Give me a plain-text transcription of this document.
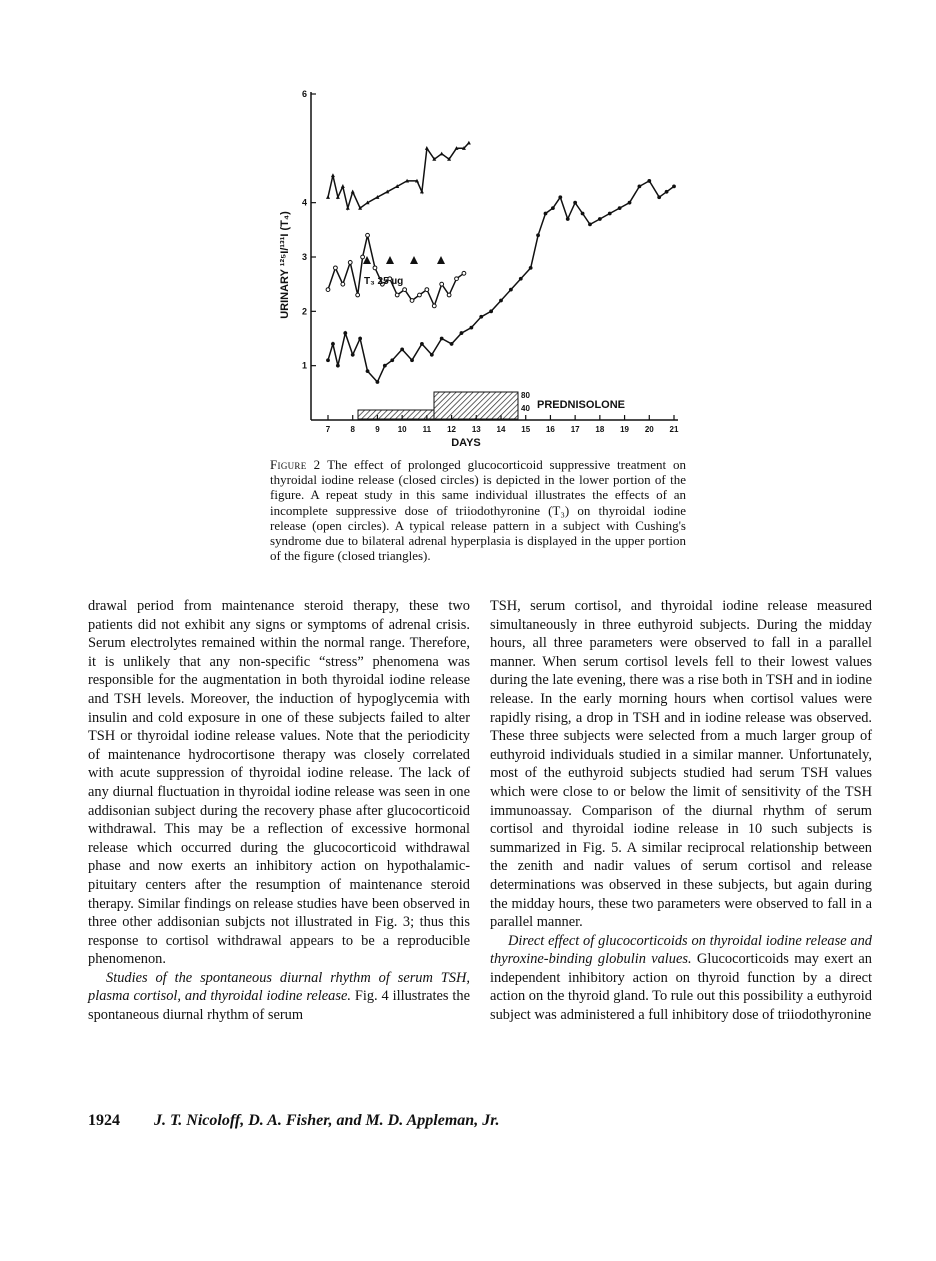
URINARY ¹²⁵I/¹³¹I (T₄)
1
2
3
4
6
7	8	9 10 11 12 13 14 15 16 17 18 19 20 21
DAYS
T₃ 25 µg
80
40 PREDNISOLONE
Figure 2 The effect of prolonged glucocorticoid suppressive treatment on thyroidal iodine release (closed circles) is depicted in the lower portion of the figure. A repeat study in this same individual illustrates the effects of an incomplete suppressive dose of triiodothyronine (T₃) on thyroidal iodine release (open circles). A typical release pattern in a subject with Cushing's syndrome due to bilateral adrenal hyperplasia is displayed in the upper portion of the figure (closed triangles).

drawal period from maintenance steroid therapy, these two patients did not exhibit any signs or symptoms of adrenal crisis. Serum electrolytes remained within the normal range. Therefore, it is unlikely that any non-specific “stress” phenomena was responsible for the augmentation in both thyroidal iodine release and TSH levels. Moreover, the induction of hypoglycemia with insulin and cold exposure in one of these subjects failed to alter TSH or thyroidal iodine release values. Note that the periodicity of maintenance hydrocortisone therapy was closely correlated with acute suppression of thyroidal iodine release. The lack of any diurnal fluctuation in thyroidal iodine release was seen in one addisonian subject during the recovery phase after glucocorticoid withdrawal. This may be a reflection of excessive hormonal release which occurred during the glucocorticoid withdrawal phase and now exerts an inhibitory action on hypothalamic-pituitary centers after the resumption of maintenance steroid therapy. Similar findings on release studies have been observed in three other addisonian subjcts not illustrated in Fig. 3; thus this response to cortisol withdrawal appears to be a reproducible phenomenon.

Studies of the spontaneous diurnal rhythm of serum TSH, plasma cortisol, and thyroidal iodine release. Fig. 4 illustrates the spontaneous diurnal rhythm of serum

TSH, serum cortisol, and thyroidal iodine release measured simultaneously in three euthyroid subjects. During the midday hours, all three parameters were observed to fall in a parallel manner. When serum cortisol levels fell to their lowest values during the late evening, there was a rise both in TSH and in iodine release. In the early morning hours when cortisol values were rapidly rising, a drop in TSH and in iodine release was observed. These three subjects were selected from a much larger group of euthyroid individuals studied in a similar manner. Unfortunately, most of the euthyroid subjects studied had serum TSH values which were close to or below the limit of sensitivity of the TSH immunoassay. Comparison of the diurnal rhythm of serum cortisol and thyroidal iodine release in 10 such subjects is summarized in Fig. 5. A similar reciprocal relationship between the zenith and nadir values of serum cortisol and release determinations was observed in these subjects, but again during the midday hours, these two parameters were observed to fall in a parallel manner.

Direct effect of glucocorticoids on thyroidal iodine release and thyroxine-binding globulin values. Glucocorticoids may exert an independent inhibitory action on thyroid function by a direct action on the thyroid gland. To rule out this possibility a euthyroid subject was administered a full inhibitory dose of triiodothyronine

1924 J. T. Nicoloff, D. A. Fisher, and M. D. Appleman, Jr.
